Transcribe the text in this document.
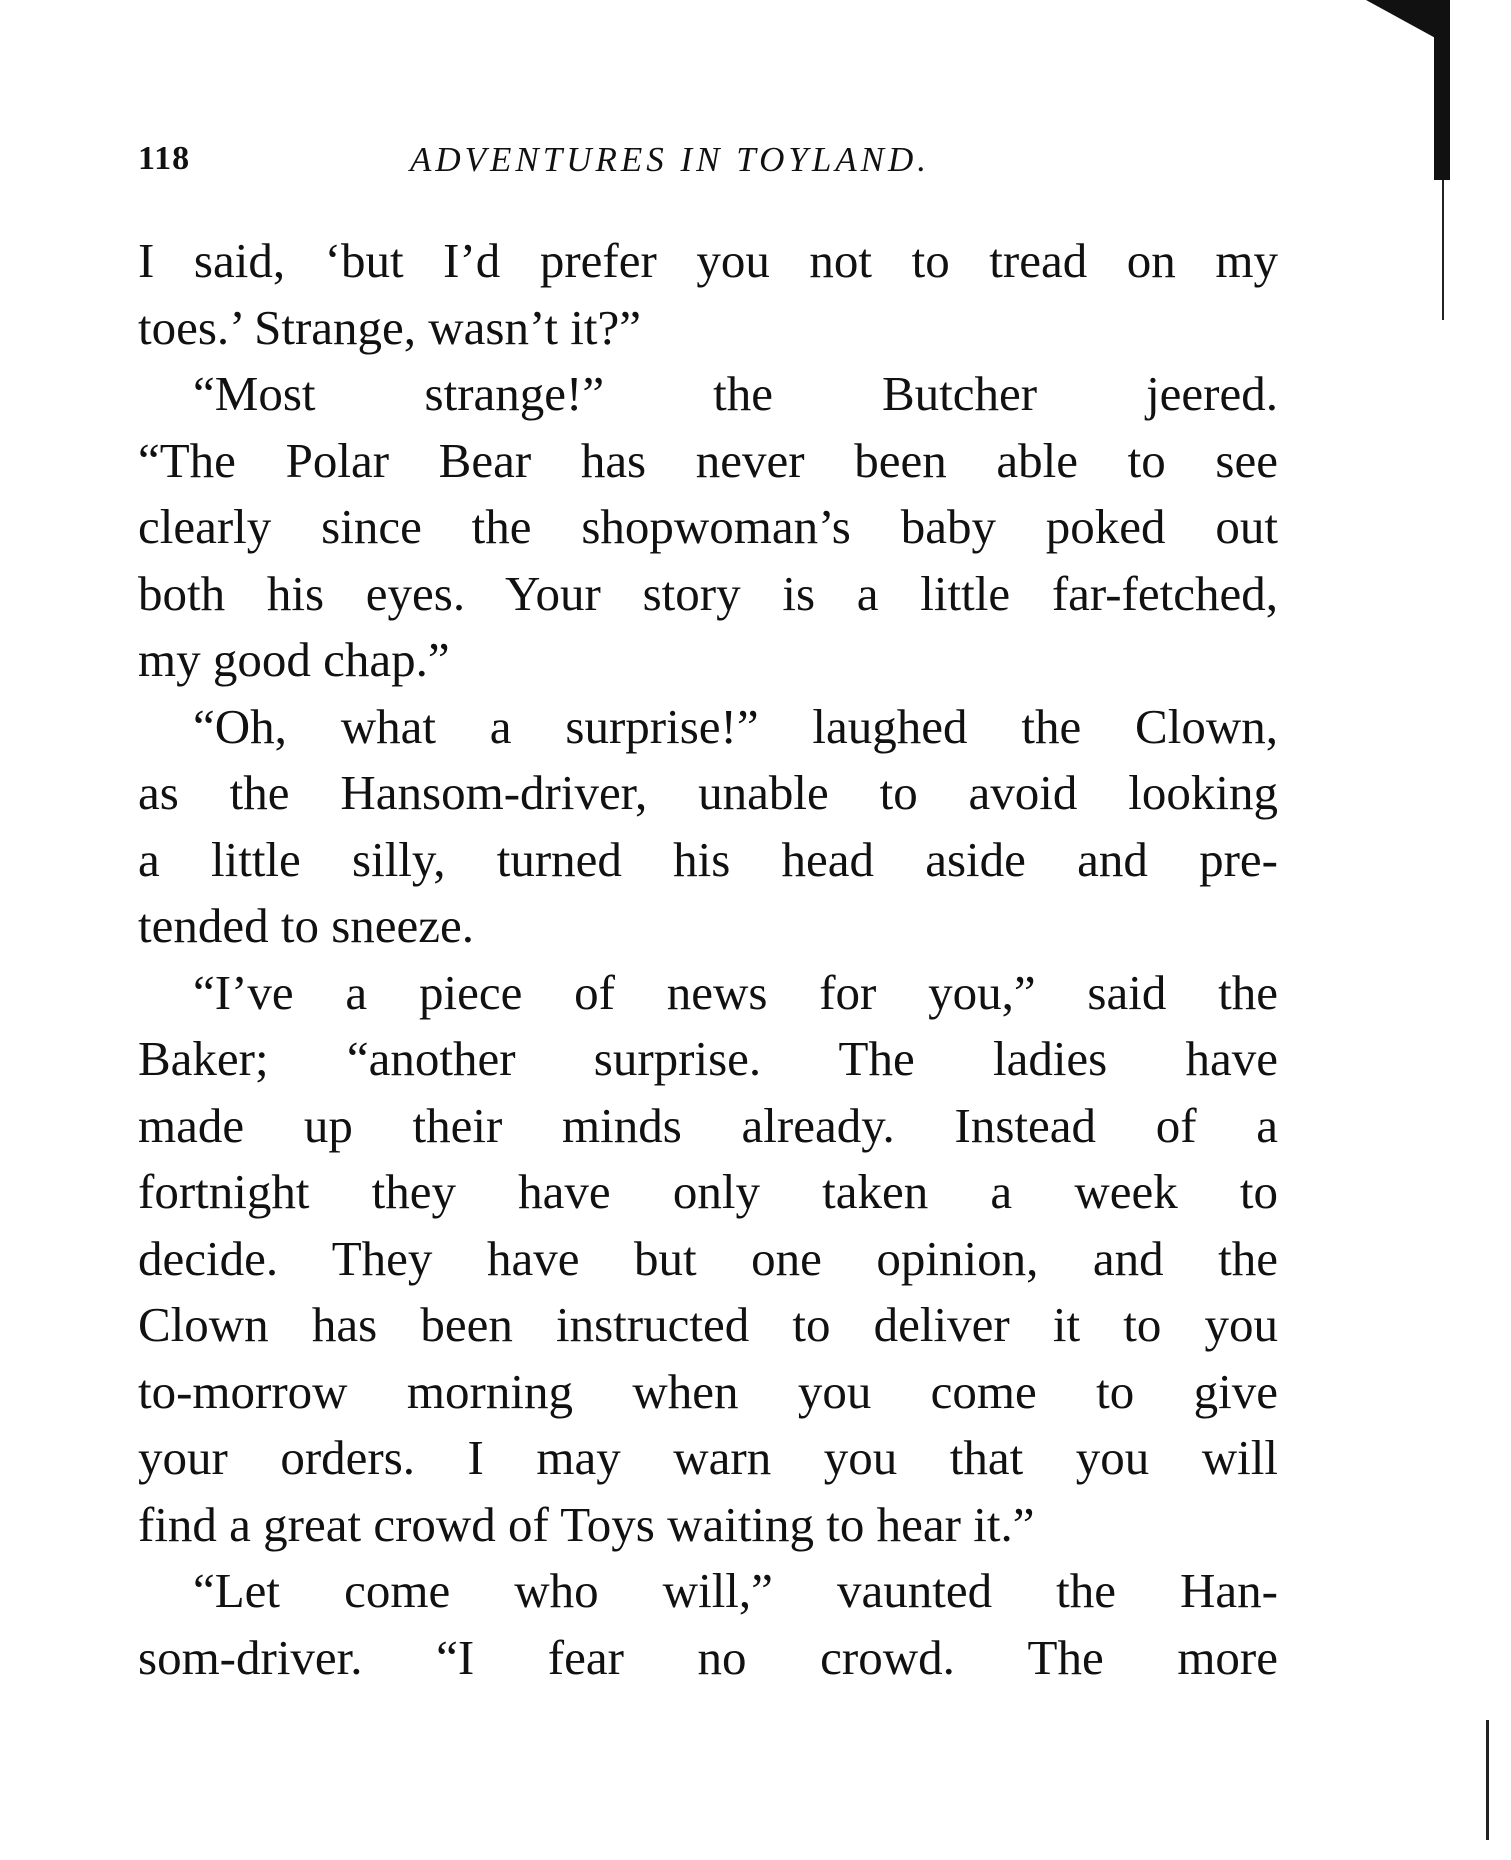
118	ADVENTURES IN TOYLAND.
I said, ‘but I’d prefer you not to tread on my
toes.’ Strange, wasn’t it?”
“Most strange!” the Butcher jeered.
“The Polar Bear has never been able to see
clearly since the shopwoman’s baby poked out
both his eyes. Your story is a little far-fetched,
my good chap.”
“Oh, what a surprise!” laughed the Clown,
as the Hansom-driver, unable to avoid looking
a little silly, turned his head aside and pre-
tended to sneeze.
“I’ve a piece of news for you,” said the
Baker; “another surprise. The ladies have
made up their minds already. Instead of a
fortnight they have only taken a week to
decide. They have but one opinion, and the
Clown has been instructed to deliver it to you
to-morrow morning when you come to give
your orders. I may warn you that you will
find a great crowd of Toys waiting to hear it.”
“Let come who will,” vaunted the Han-
som-driver. “I fear no crowd. The more
